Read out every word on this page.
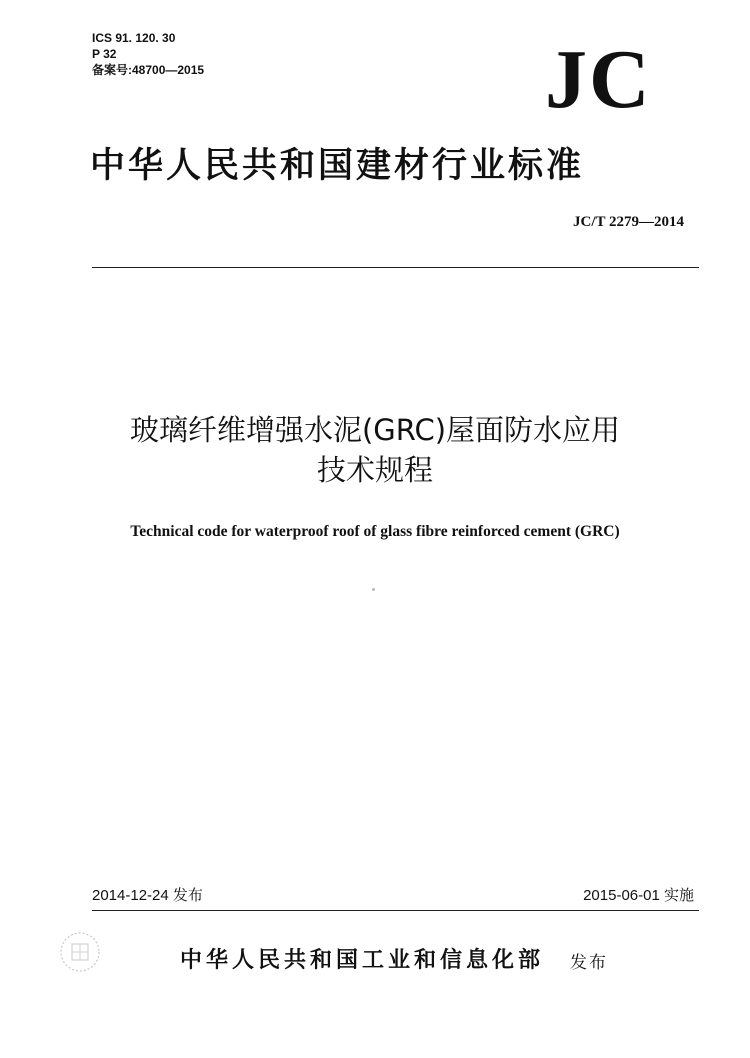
ICS 91. 120. 30
P 32
备案号:48700—2015	JC
中华人民共和国建材行业标准
JC/T 2279—2014
玻璃纤维增强水泥(GRC)屋面防水应用
技术规程
Technical code for waterproof roof of glass fibre reinforced cement (GRC)
2014-12-24 发布	2015-06-01 实施
中华人民共和国工业和信息化部 发布
